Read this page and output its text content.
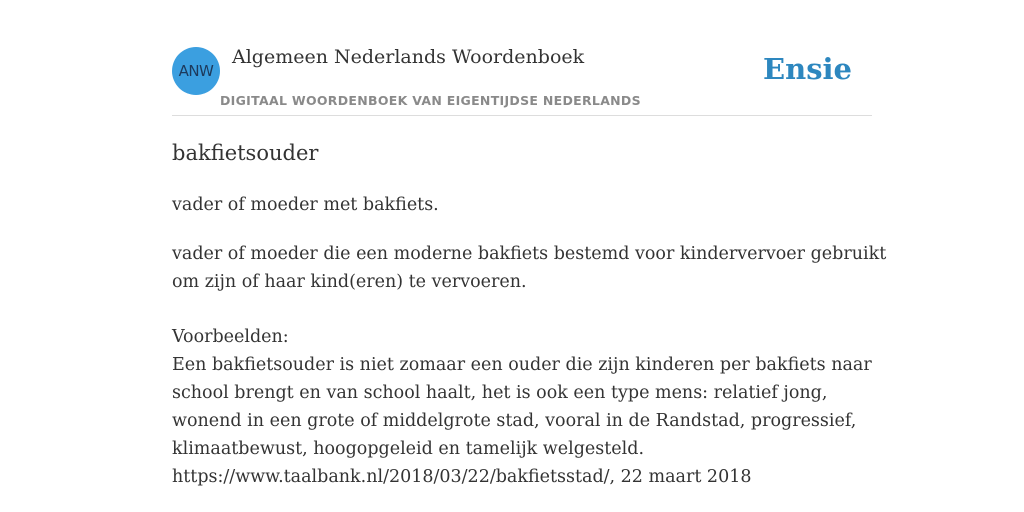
ANW
Algemeen Nederlands Woordenboek
DIGITAAL WOORDENBOEK VAN EIGENTIJDSE NEDERLANDS
Ensie
bakfietsouder
vader of moeder met bakfiets.
vader of moeder die een moderne bakfiets bestemd voor kindervervoer gebruikt
om zijn of haar kind(eren) te vervoeren.
Voorbeelden:
Een bakfietsouder is niet zomaar een ouder die zijn kinderen per bakfiets naar
school brengt en van school haalt, het is ook een type mens: relatief jong,
wonend in een grote of middelgrote stad, vooral in de Randstad, progressief,
klimaatbewust, hoogopgeleid en tamelijk welgesteld.
https://www.taalbank.nl/2018/03/22/bakfietsstad/, 22 maart 2018
